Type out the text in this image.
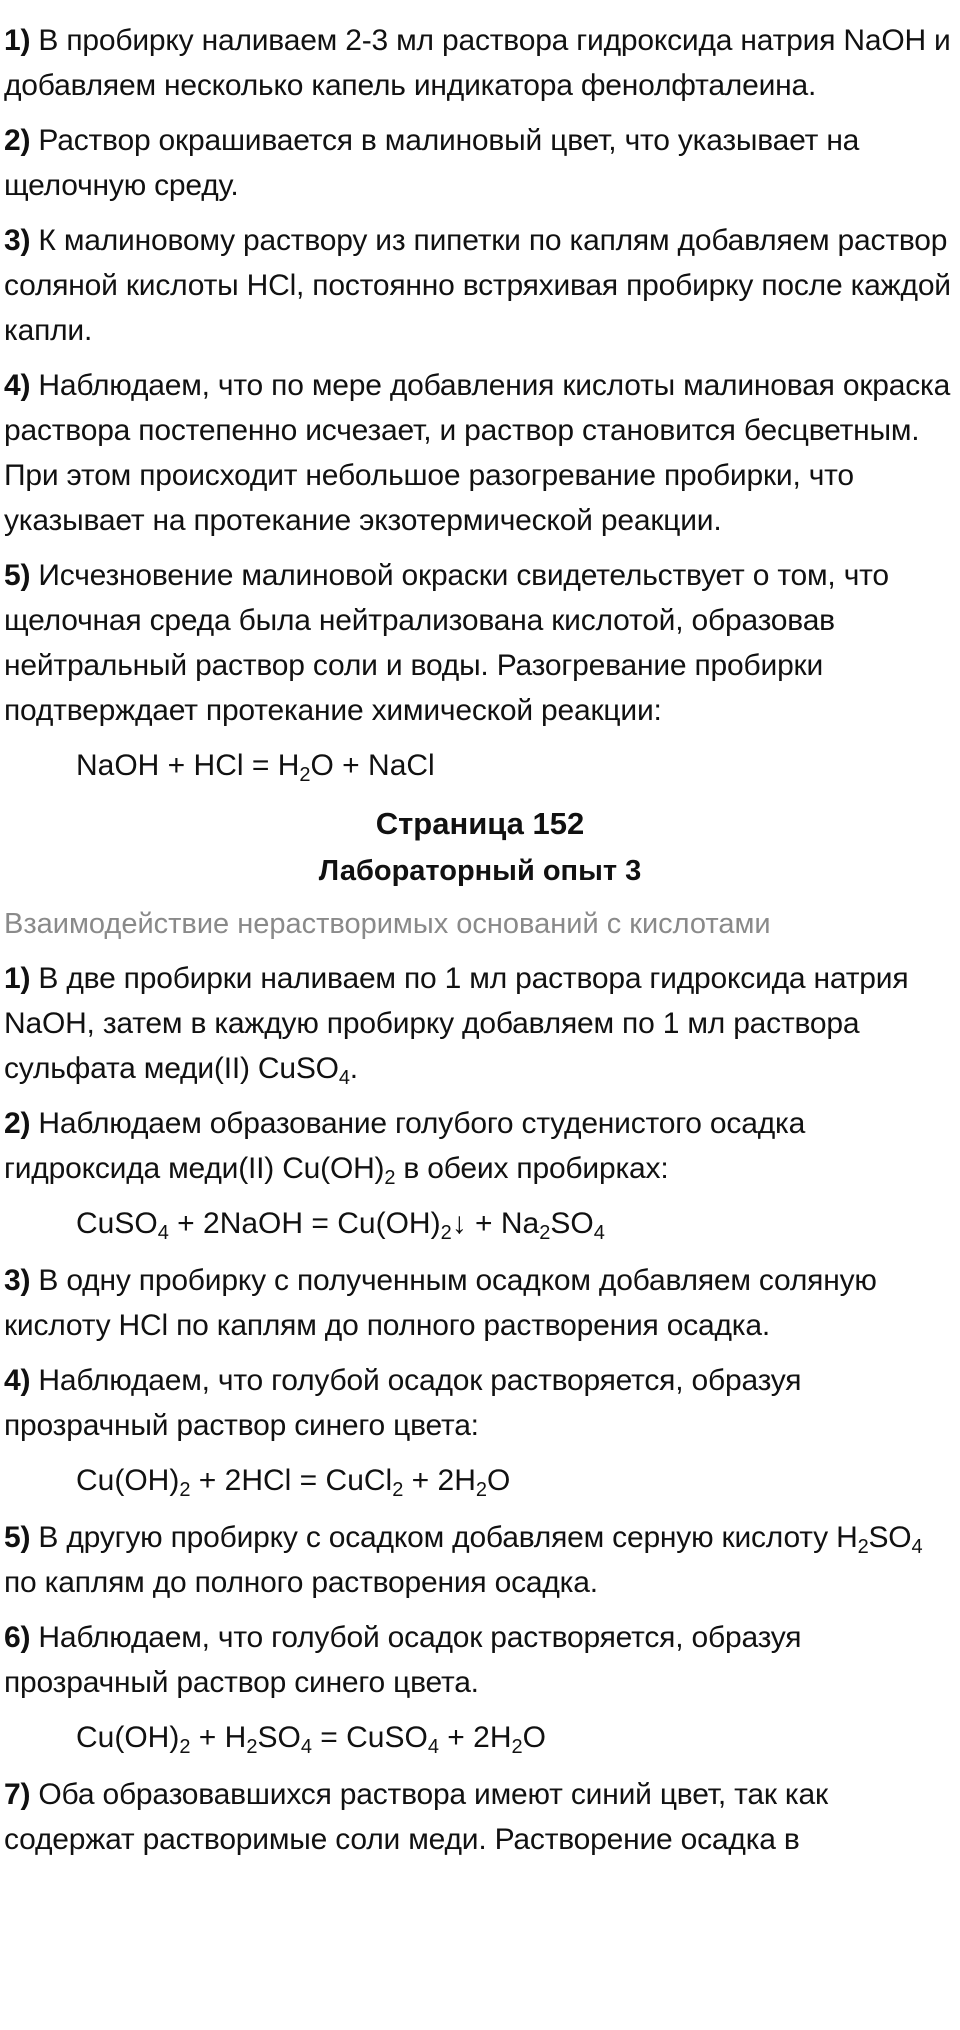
1) В пробирку наливаем 2-3 мл раствора гидроксида натрия NaOH и добавляем несколько капель индикатора фенолфталеина.

2) Раствор окрашивается в малиновый цвет, что указывает на щелочную среду.

3) К малиновому раствору из пипетки по каплям добавляем раствор соляной кислоты HCl, постоянно встряхивая пробирку после каждой капли.

4) Наблюдаем, что по мере добавления кислоты малиновая окраска раствора постепенно исчезает, и раствор становится бесцветным. При этом происходит небольшое разогревание пробирки, что указывает на протекание экзотермической реакции.

5) Исчезновение малиновой окраски свидетельствует о том, что щелочная среда была нейтрализована кислотой, образовав нейтральный раствор соли и воды. Разогревание пробирки подтверждает протекание химической реакции:

NaOH + HCl = $H_2O$ + NaCl
Страница 152
Лабораторный опыт 3
Взаимодействие нерастворимых оснований с кислотами

1) В две пробирки наливаем по 1 мл раствора гидроксида натрия NaOH, затем в каждую пробирку добавляем по 1 мл раствора сульфата меди(II) CuSO$_4$.

2) Наблюдаем образование голубого студенистого осадка гидроксида меди(II) $Cu(OH)_2$ в обеих пробирках:

CuSO$_4$ + 2NaOH = $Cu(OH)_2↓ + Na_2SO_4$

3) В одну пробирку с полученным осадком добавляем соляную кислоту HCl по каплям до полного растворения осадка.

4) Наблюдаем, что голубой осадок растворяется, образуя прозрачный раствор синего цвета:

$Cu(OH)_2 + 2HCl$ = CuCl$_2$ + $2H_2O$

5) В другую пробирку с осадком добавляем серную кислоту $H_2SO_4$ по каплям до полного растворения осадка.

6) Наблюдаем, что голубой осадок растворяется, образуя прозрачный раствор синего цвета.

$Cu(OH)_2 + H_2SO_4$ = CuSO$_4$ + $2H_2O$

7) Оба образовавшихся раствора имеют синий цвет, так как содержат растворимые соли меди. Растворение осадка в
